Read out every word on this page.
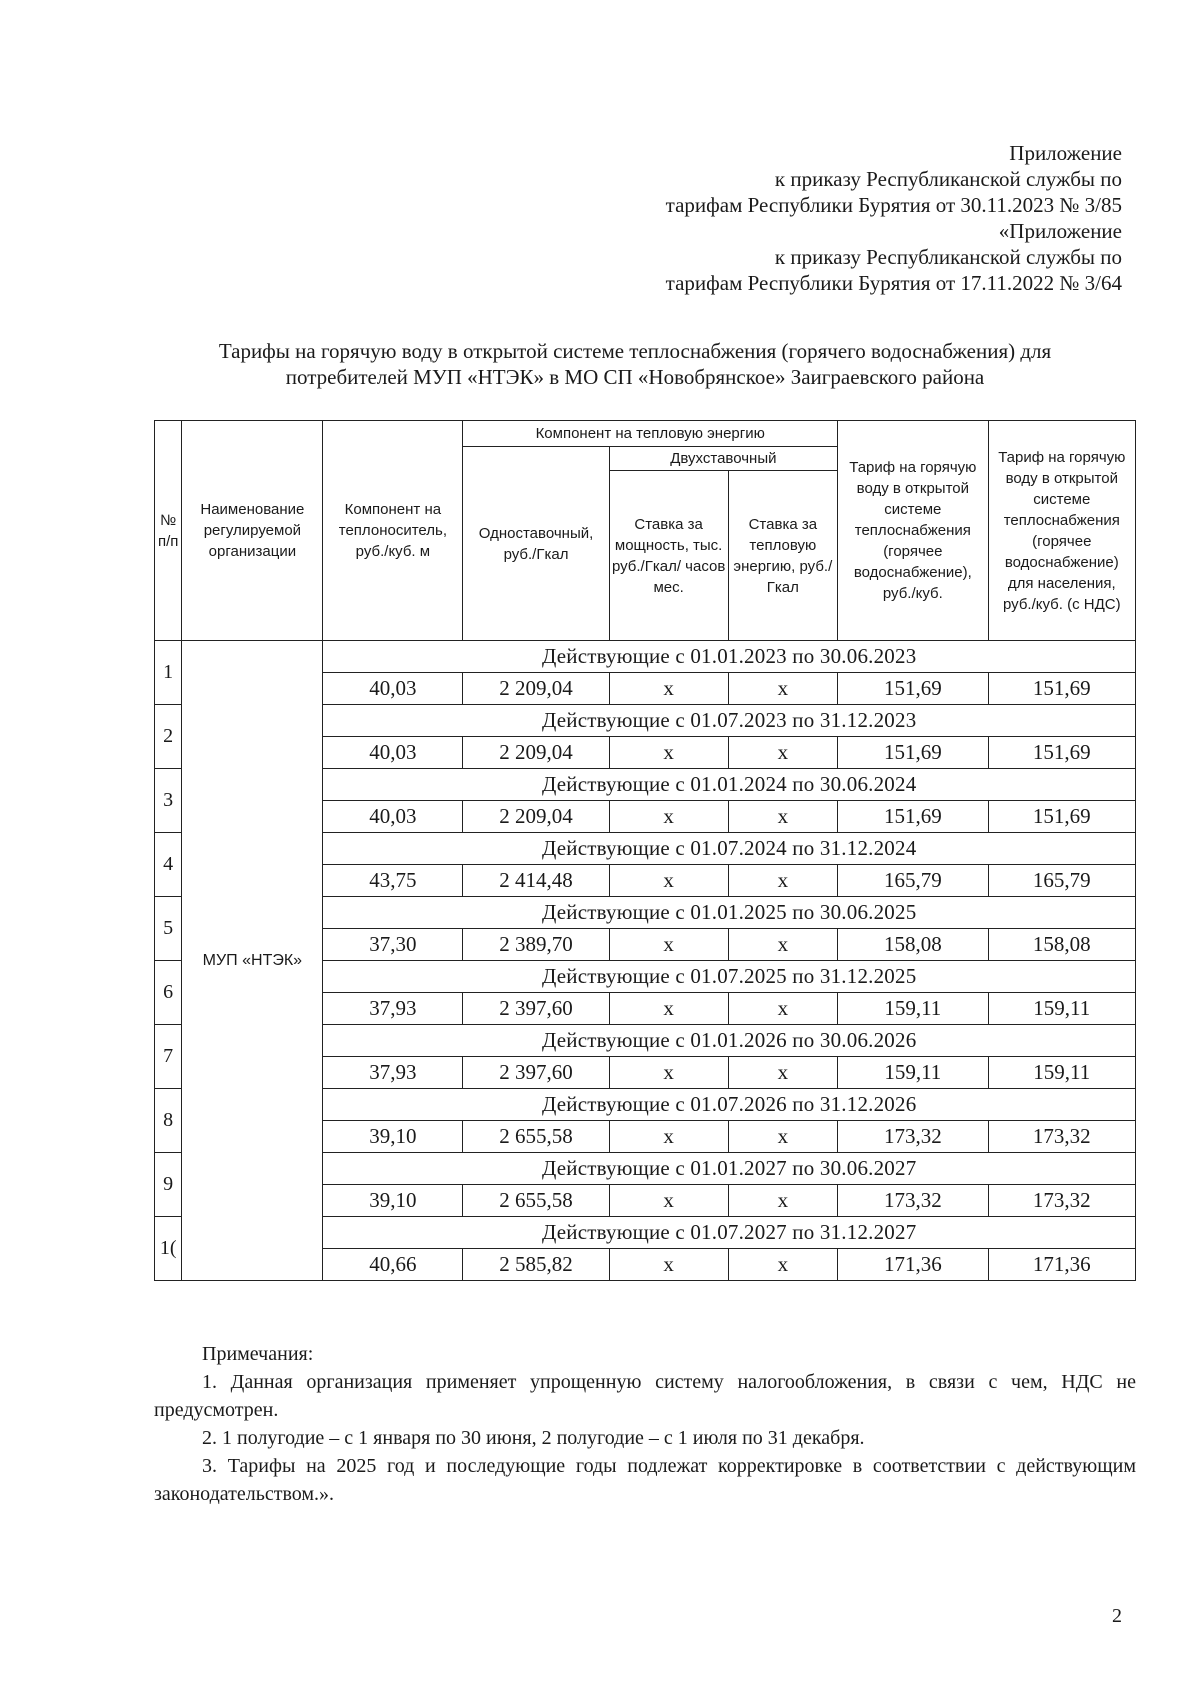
Приложение
к приказу Республиканской службы по
тарифам Республики Бурятия от 30.11.2023 № 3/85
«Приложение
к приказу Республиканской службы по
тарифам Республики Бурятия от 17.11.2022 № 3/64
Тарифы на горячую воду в открытой системе теплоснабжения (горячего водоснабжения) для
потребителей МУП «НТЭК» в МО СП «Новобрянское» Заиграевского района
№ п/п	Наименование регулируемой организации	Компонент на теплоноситель, руб./куб. м	Компонент на тепловую энергию			Тариф на горячую воду в открытой системе теплоснабжения (горячее водоснабжение), руб./куб.	Тариф на горячую воду в открытой системе теплоснабжения (горячее водоснабжение) для населения, руб./куб. (с НДС)
			Одноставочный, руб./Гкал	Двухставочный			
				Ставка за мощность, тыс. руб./Гкал/ часов мес.	Ставка за тепловую энергию, руб./Гкал		
1	МУП «НТЭК»	Действующие с 01.01.2023 по 30.06.2023					
		40,03	2 209,04	x	x	151,69	151,69
2		Действующие с 01.07.2023 по 31.12.2023					
		40,03	2 209,04	x	x	151,69	151,69
3		Действующие с 01.01.2024 по 30.06.2024					
		40,03	2 209,04	x	x	151,69	151,69
4		Действующие с 01.07.2024 по 31.12.2024					
		43,75	2 414,48	x	x	165,79	165,79
5		Действующие с 01.01.2025 по 30.06.2025					
		37,30	2 389,70	x	x	158,08	158,08
6		Действующие с 01.07.2025 по 31.12.2025					
		37,93	2 397,60	x	x	159,11	159,11
7		Действующие с 01.01.2026 по 30.06.2026					
		37,93	2 397,60	x	x	159,11	159,11
8		Действующие с 01.07.2026 по 31.12.2026					
		39,10	2 655,58	x	x	173,32	173,32
9		Действующие с 01.01.2027 по 30.06.2027					
		39,10	2 655,58	x	x	173,32	173,32
1(		Действующие с 01.07.2027 по 31.12.2027					
		40,66	2 585,82	x	x	171,36	171,36

Примечания:

1. Данная организация применяет упрощенную систему налогообложения, в связи с чем, НДС не предусмотрен.

2. 1 полугодие – с 1 января по 30 июня, 2 полугодие – с 1 июля по 31 декабря.

3. Тарифы на 2025 год и последующие годы подлежат корректировке в соответствии с действующим законодательством.».

2
